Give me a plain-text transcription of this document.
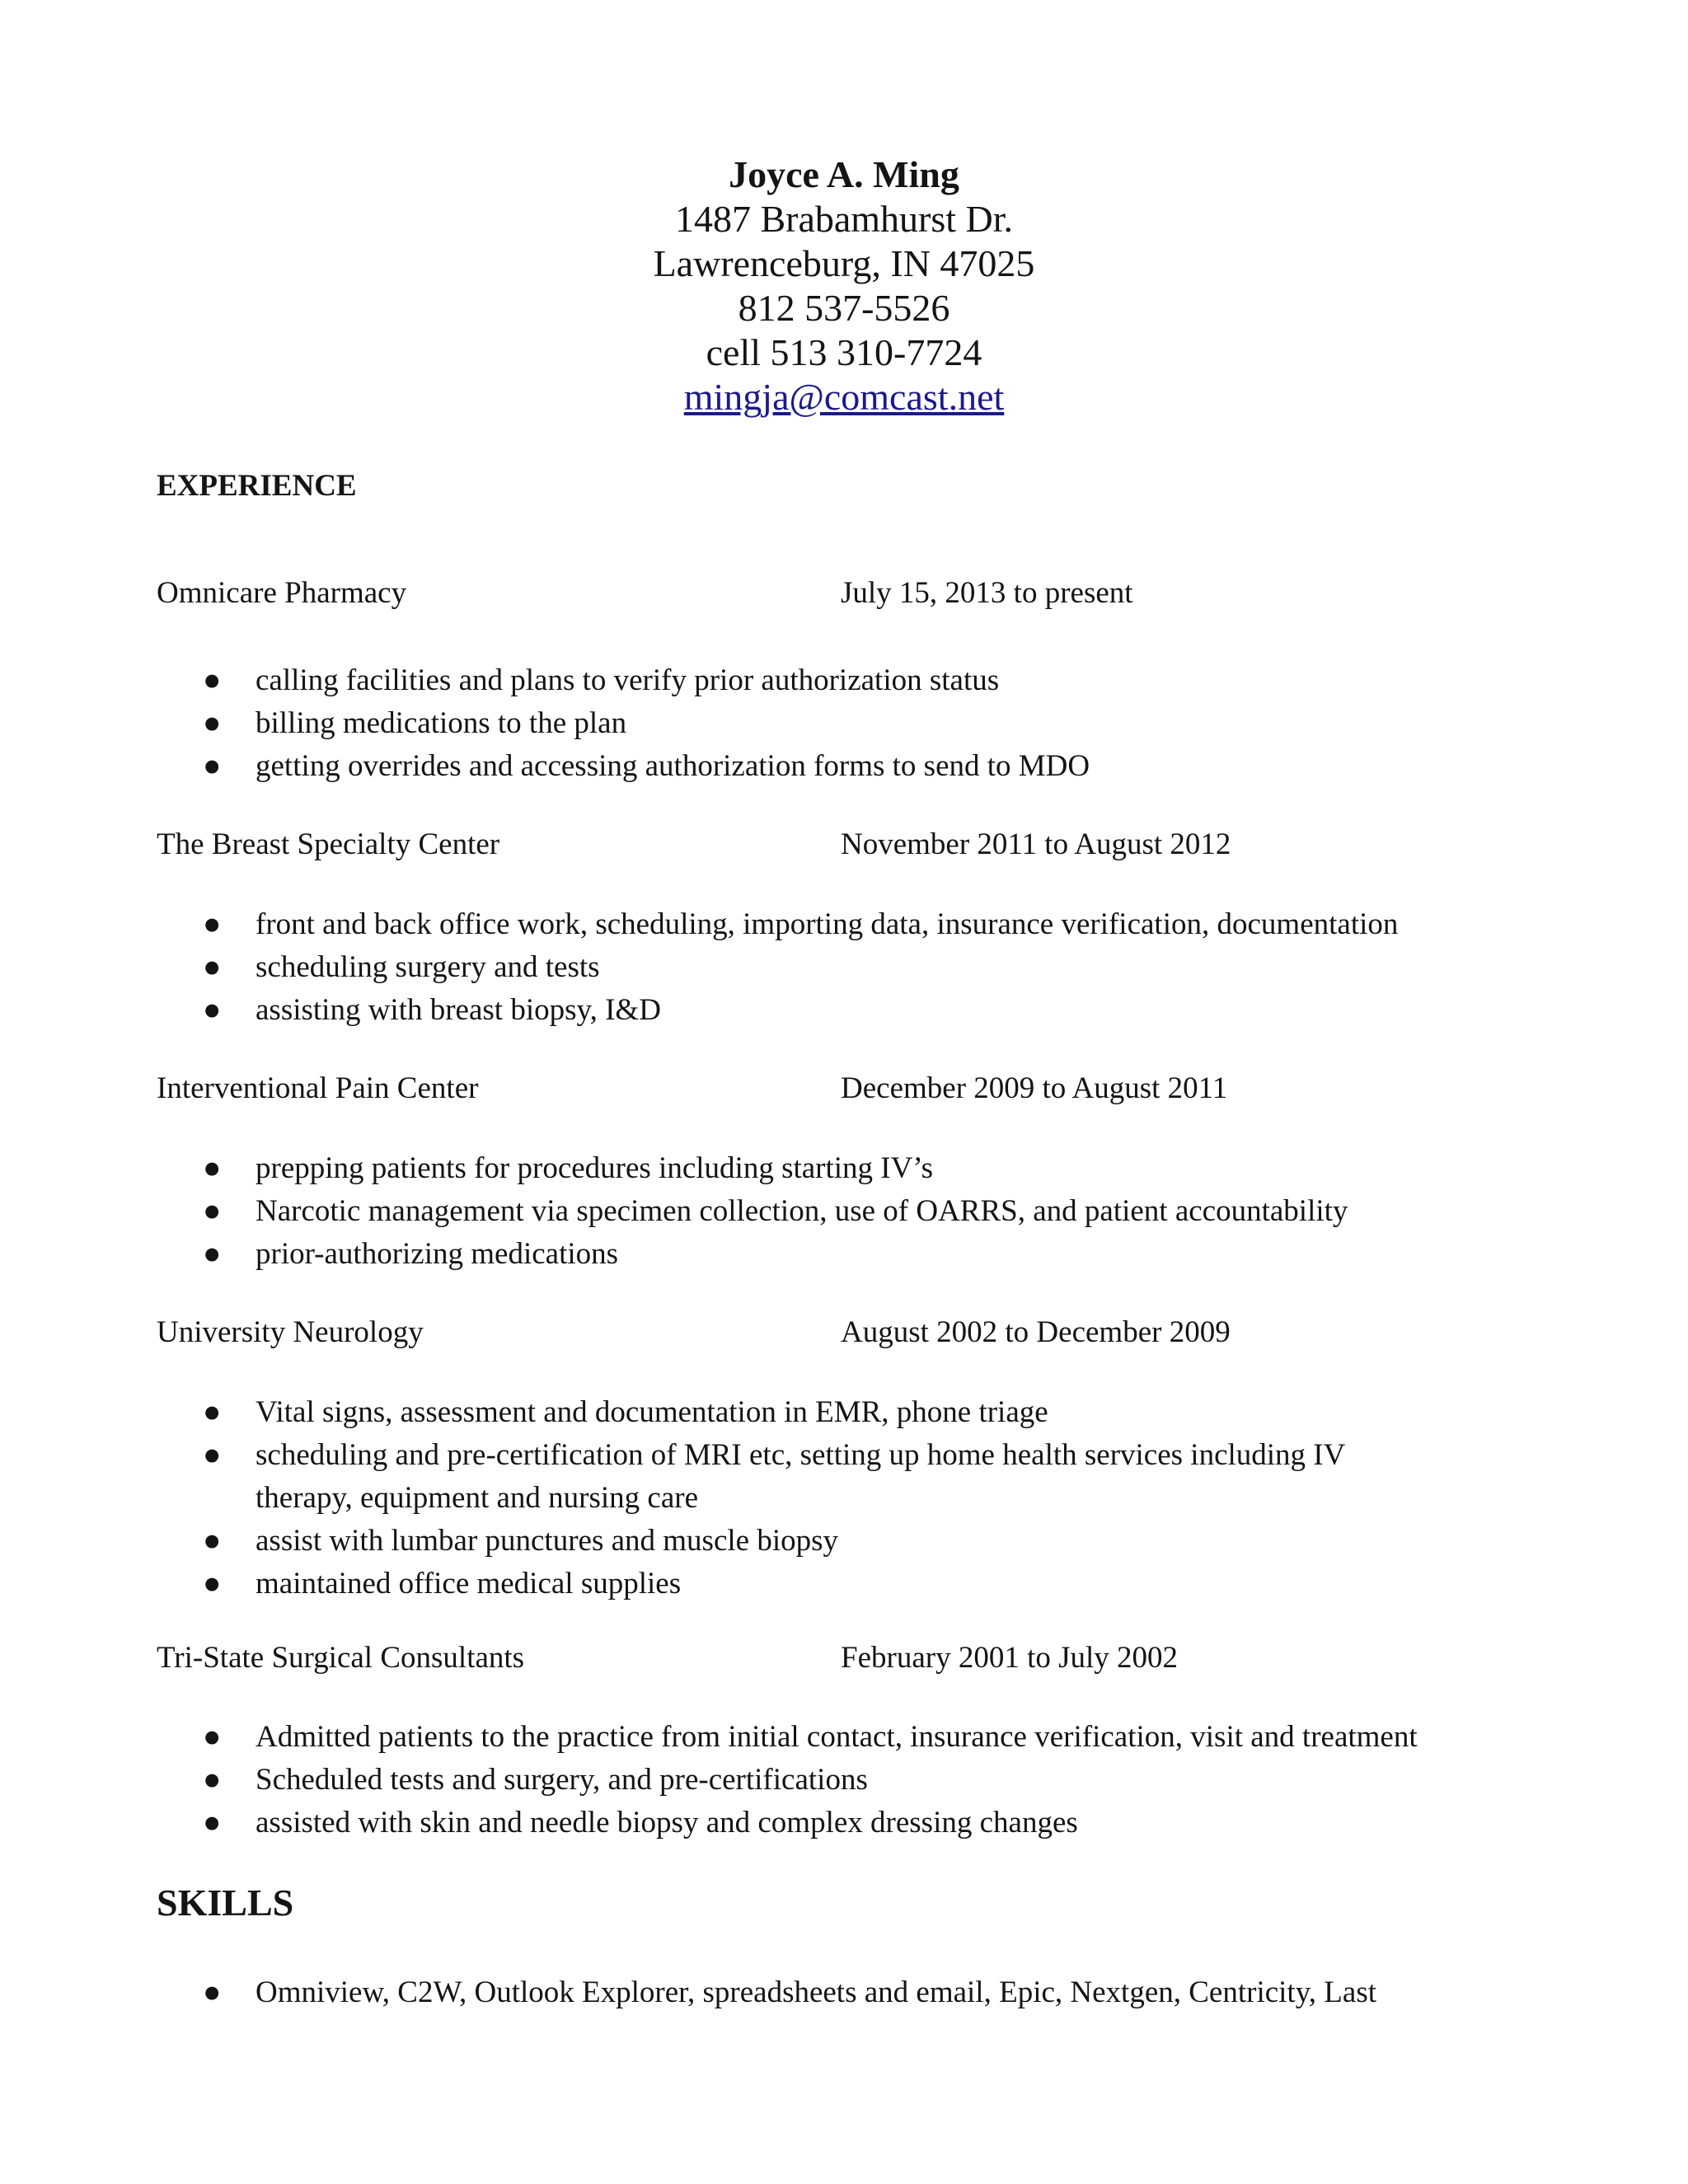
Joyce A. Ming
1487 Brabamhurst Dr.
Lawrenceburg, IN 47025
812 537-5526
cell 513 310-7724
mingja@comcast.net
EXPERIENCE
Omnicare Pharmacy	July 15, 2013 to present
● calling facilities and plans to verify prior authorization status
● billing medications to the plan
● getting overrides and accessing authorization forms to send to MDO
The Breast Specialty Center	November 2011 to August 2012
● front and back office work, scheduling, importing data, insurance verification, documentation
● scheduling surgery and tests
● assisting with breast biopsy, I&D
Interventional Pain Center	December 2009 to August 2011
● prepping patients for procedures including starting IV’s
● Narcotic management via specimen collection, use of OARRS, and patient accountability
● prior-authorizing medications
University Neurology	August 2002 to December 2009
● Vital signs, assessment and documentation in EMR, phone triage
● scheduling and pre-certification of MRI etc, setting up home health services including IV
therapy, equipment and nursing care
● assist with lumbar punctures and muscle biopsy
● maintained office medical supplies
Tri-State Surgical Consultants	February 2001 to July 2002
● Admitted patients to the practice from initial contact, insurance verification, visit and treatment
● Scheduled tests and surgery, and pre-certifications
● assisted with skin and needle biopsy and complex dressing changes
SKILLS
● Omniview, C2W, Outlook Explorer, spreadsheets and email, Epic, Nextgen, Centricity, Last
